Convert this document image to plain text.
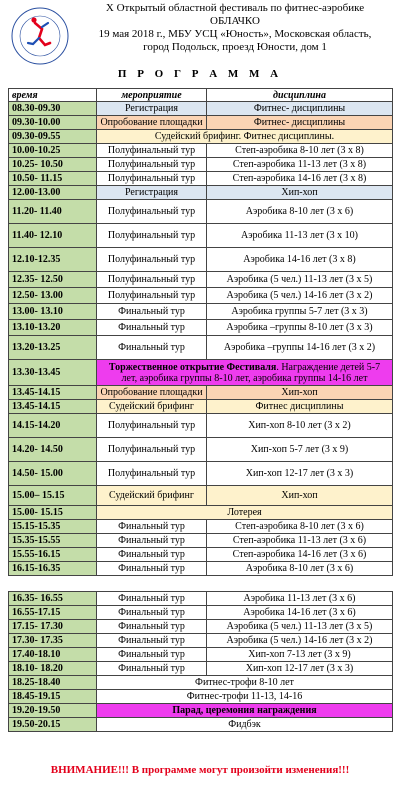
Х Открытый областной фестиваль по фитнес-аэробике
ОБЛАЧКО
19 мая 2018 г., МБУ УСЦ «Юность», Московская область,
город Подольск, проезд Юности, дом 1
П Р О Г Р А М М А
время	мероприятие	дисциплина
08.30-09.30	Регистрация	Фитнес- дисциплины
09.30-10.00	Опробование площадки	Фитнес- дисциплины
09.30-09.55	Судейский брифинг. Фитнес дисциплины.	
10.00-10.25	Полуфинальный тур	Степ-аэробика 8-10 лет (3 х 8)
10.25- 10.50	Полуфинальный тур	Степ-аэробика 11-13 лет (3 х 8)
10.50- 11.15	Полуфинальный тур	Степ-аэробика 14-16 лет (3 х 8)
12.00-13.00	Регистрация	Хип-хоп
11.20- 11.40	Полуфинальный тур	Аэробика 8-10 лет (3 х 6)
11.40- 12.10	Полуфинальный тур	Аэробика 11-13 лет (3 х 10)
12.10-12.35	Полуфинальный тур	Аэробика 14-16 лет (3 х 8)
12.35- 12.50	Полуфинальный тур	Аэробика (5 чел.) 11-13 лет (3 х 5)
12.50- 13.00	Полуфинальный тур	Аэробика (5 чел.) 14-16 лет (3 х 2)
13.00- 13.10	Финальный тур	Аэробика группы 5-7 лет (3 х 3)
13.10-13.20	Финальный тур	Аэробика –группы 8-10 лет (3 х 3)
13.20-13.25	Финальный тур	Аэробика –группы 14-16 лет (3 х 2)
13.30-13.45	Торжественное открытие Фестиваля. Награждение детей 5-7 лет, аэробика группы 8-10 лет, аэробика группы 14-16 лет	
13.45-14.15	Опробование площадки	Хип-хоп
13.45-14.15	Судейский брифинг	Фитнес дисциплины
14.15-14.20	Полуфинальный тур	Хип-хоп 8-10 лет (3 х 2)
14.20- 14.50	Полуфинальный тур	Хип-хоп 5-7 лет (3 х 9)
14.50- 15.00	Полуфинальный тур	Хип-хоп 12-17 лет (3 х 3)
15.00– 15.15	Судейский брифинг	Хип-хоп
15.00- 15.15	Лотерея	
15.15-15.35	Финальный тур	Степ-аэробика 8-10 лет (3 х 6)
15.35-15.55	Финальный тур	Степ-аэробика 11-13 лет (3 х 6)
15.55-16.15	Финальный тур	Степ-аэробика 14-16 лет (3 х 6)
16.15-16.35	Финальный тур	Аэробика 8-10 лет (3 х 6)

16.35- 16.55	Финальный тур	Аэробика 11-13 лет (3 х 6)
16.55-17.15	Финальный тур	Аэробика 14-16 лет (3 х 6)
17.15- 17.30	Финальный тур	Аэробика (5 чел.) 11-13 лет (3 х 5)
17.30- 17.35	Финальный тур	Аэробика (5 чел.) 14-16 лет (3 х 2)
17.40-18.10	Финальный тур	Хип-хоп 7-13 лет (3 х 9)
18.10- 18.20	Финальный тур	Хип-хоп 12-17 лет (3 х 3)
18.25-18.40	Фитнес-трофи 8-10 лет	
18.45-19.15	Фитнес-трофи 11-13, 14-16	
19.20-19.50	Парад, церемония награждения	
19.50-20.15	Фидбэк	
ВНИМАНИЕ!!! В программе могут произойти изменения!!!
